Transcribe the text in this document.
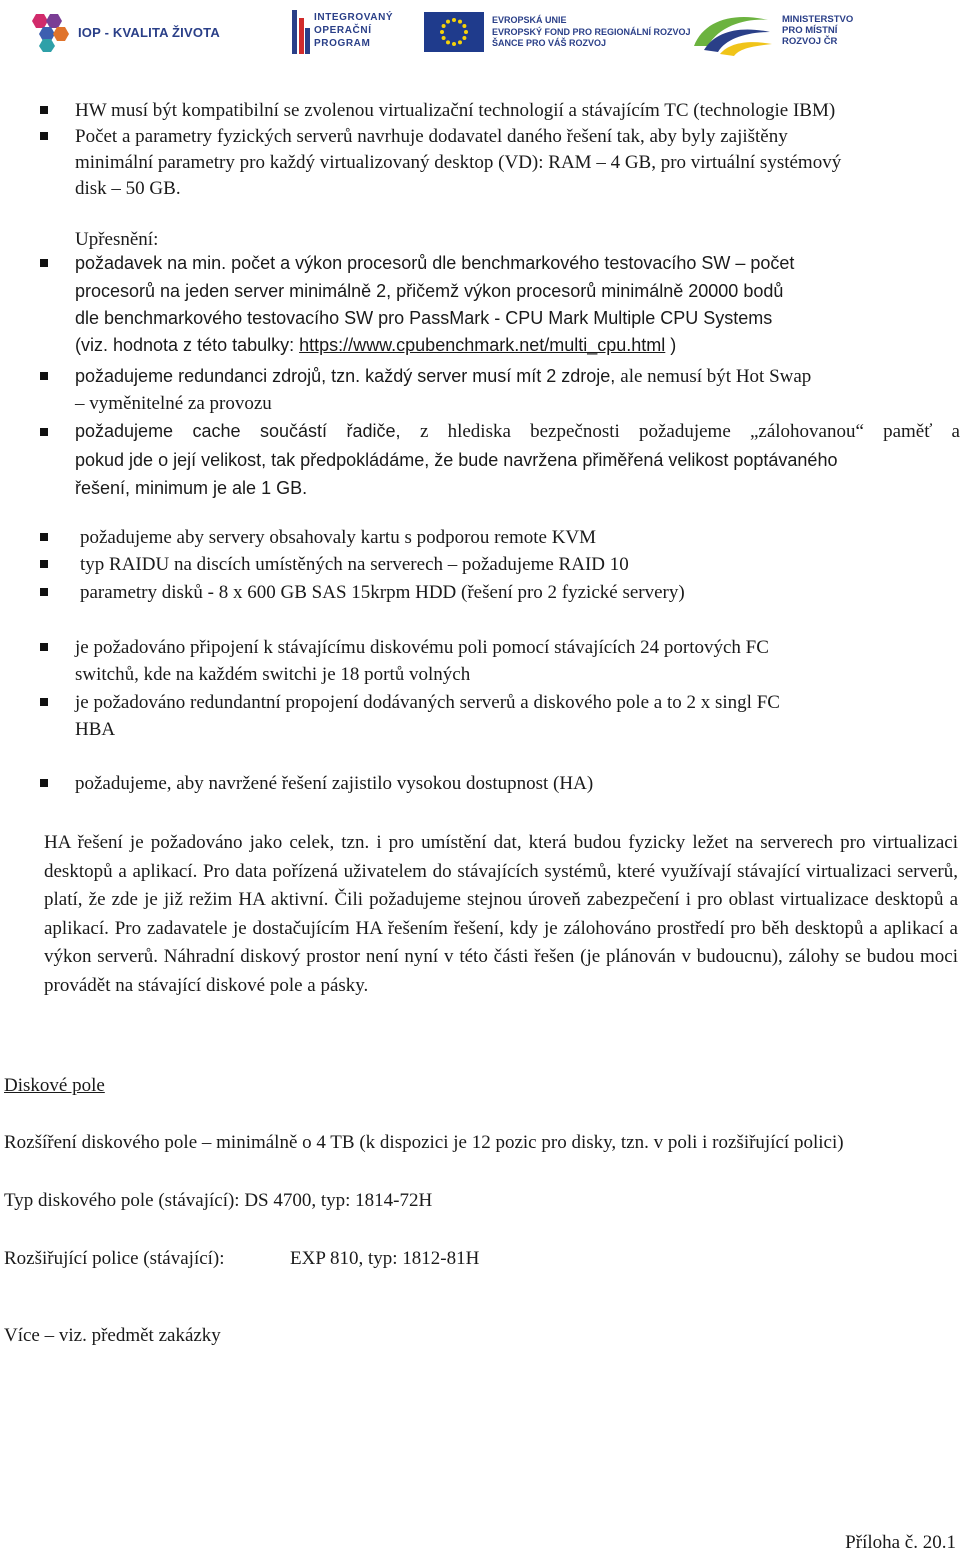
IOP - KVALITA ŽIVOTA
INTEGROVANÝ
OPERAČNÍ
PROGRAM
EVROPSKÁ UNIE
EVROPSKÝ FOND PRO REGIONÁLNÍ ROZVOJ
ŠANCE PRO VÁŠ ROZVOJ
MINISTERSTVO
PRO MÍSTNÍ
ROZVOJ ČR
HW musí být kompatibilní se zvolenou virtualizační technologií a stávajícím TC (technologie IBM)
Počet a parametry fyzických serverů navrhuje dodavatel daného řešení tak, aby byly zajištěny
minimální parametry pro každý virtualizovaný desktop (VD): RAM – 4 GB, pro virtuální systémový
disk – 50 GB.
Upřesnění:
požadavek na min. počet a výkon procesorů dle benchmarkového testovacího SW – počet
procesorů na jeden server minimálně 2, přičemž výkon procesorů minimálně 20000 bodů
dle benchmarkového testovacího SW pro PassMark - CPU Mark Multiple CPU Systems
(viz. hodnota z této tabulky: https://www.cpubenchmark.net/multi_cpu.html )
požadujeme redundanci zdrojů, tzn. každý server musí mít 2 zdroje, ale nemusí být Hot Swap
– vyměnitelné za provozu
požadujeme cache součástí řadiče, z hlediska bezpečnosti požadujeme „zálohovanou“ paměť a
pokud jde o její velikost, tak předpokládáme, že bude navržena přiměřená velikost poptávaného
řešení, minimum je ale 1 GB.
požadujeme aby servery obsahovaly kartu s podporou remote KVM
typ RAIDU na discích umístěných na serverech – požadujeme RAID 10
parametry disků - 8 x 600 GB SAS 15krpm HDD (řešení pro 2 fyzické servery)
je požadováno připojení k stávajícímu diskovému poli pomocí stávajících 24 portových FC
switchů, kde na každém switchi je 18 portů volných
je požadováno redundantní propojení dodávaných serverů a diskového pole a to 2 x singl FC
HBA
požadujeme, aby navržené řešení zajistilo vysokou dostupnost (HA)
HA řešení je požadováno jako celek, tzn. i pro umístění dat, která budou fyzicky ležet na serverech pro virtualizaci desktopů a aplikací. Pro data pořízená uživatelem do stávajících systémů, které využívají stávající virtualizaci serverů, platí, že zde je již režim HA aktivní. Čili požadujeme stejnou úroveň zabezpečení i pro oblast virtualizace desktopů a aplikací. Pro zadavatele je dostačujícím HA řešením řešení, kdy je zálohováno prostředí pro běh desktopů a aplikací a výkon serverů. Náhradní diskový prostor není nyní v této části řešen (je plánován v budoucnu), zálohy se budou moci provádět na stávající diskové pole a pásky.
Diskové pole
Rozšíření diskového pole – minimálně o 4 TB (k dispozici je 12 pozic pro disky, tzn. v poli i rozšiřující polici)
Typ diskového pole (stávající): DS 4700, typ: 1814-72H
Rozšiřující police (stávající):	EXP 810, typ: 1812-81H
Více – viz. předmět zakázky
Příloha č. 20.1
